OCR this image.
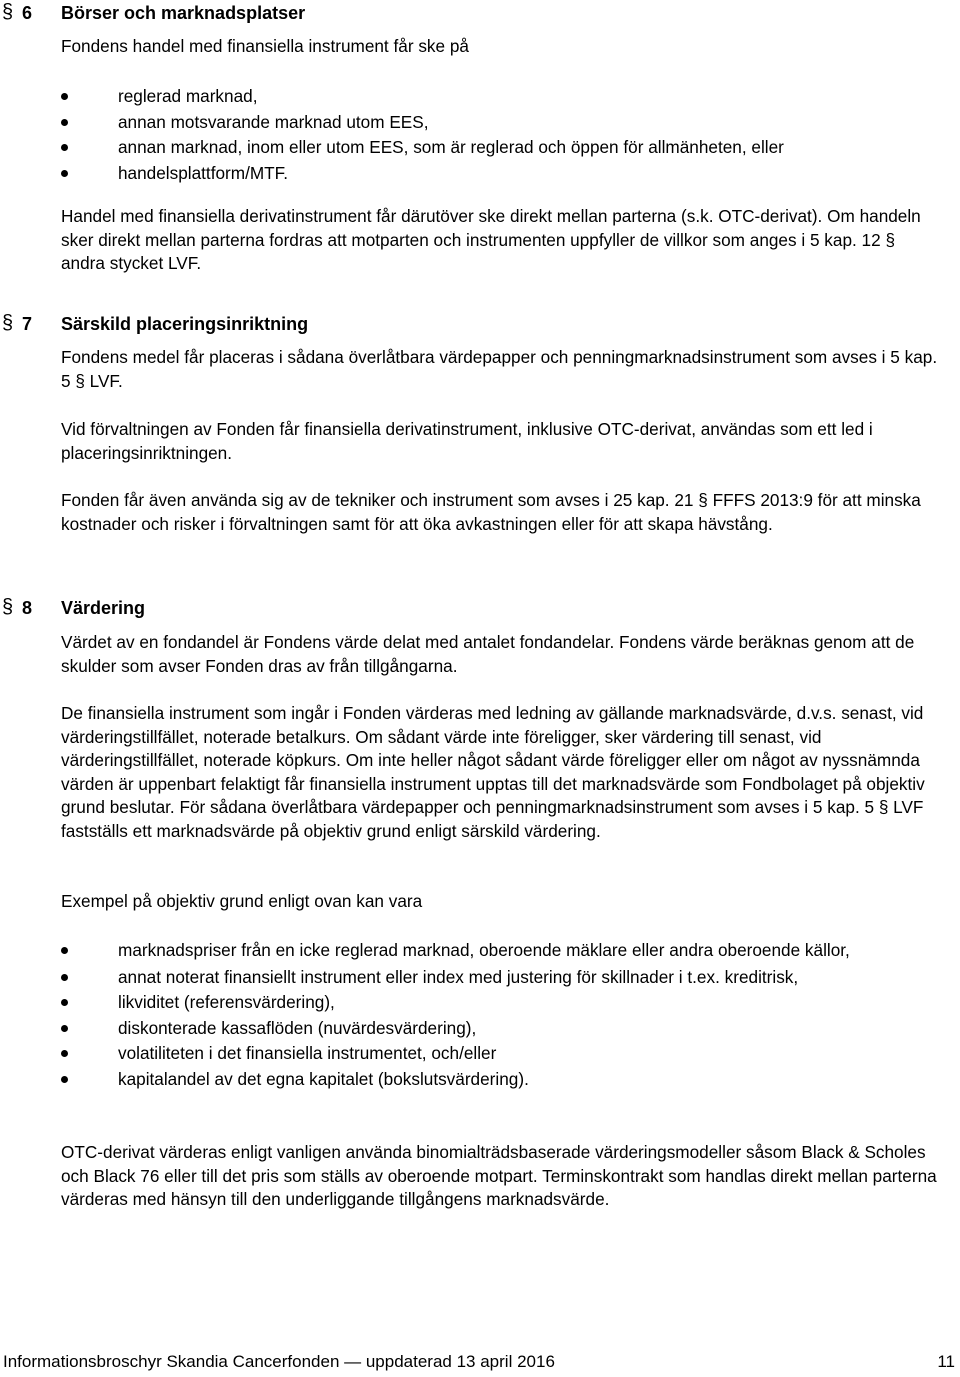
§ 6 Börser och marknadsplatser

Fondens handel med finansiella instrument får ske på

reglerad marknad,
annan motsvarande marknad utom EES,
annan marknad, inom eller utom EES, som är reglerad och öppen för allmänheten, eller
handelsplattform/MTF.

Handel med finansiella derivatinstrument får därutöver ske direkt mellan parterna (s.k. OTC-derivat). Om handeln sker direkt mellan parterna fordras att motparten och instrumenten uppfyller de villkor som anges i 5 kap. 12 § andra stycket LVF.

§ 7 Särskild placeringsinriktning

Fondens medel får placeras i sådana överlåtbara värdepapper och penningmarknadsinstrument som avses i 5 kap. 5 § LVF.

Vid förvaltningen av Fonden får finansiella derivatinstrument, inklusive OTC-derivat, användas som ett led i placeringsinriktningen.

Fonden får även använda sig av de tekniker och instrument som avses i 25 kap. 21 § FFFS 2013:9 för att minska kostnader och risker i förvaltningen samt för att öka avkastningen eller för att skapa hävstång.

§ 8 Värdering

Värdet av en fondandel är Fondens värde delat med antalet fondandelar. Fondens värde beräknas genom att de skulder som avser Fonden dras av från tillgångarna.

De finansiella instrument som ingår i Fonden värderas med ledning av gällande marknadsvärde, d.v.s. senast, vid värderingstillfället, noterade betalkurs. Om sådant värde inte föreligger, sker värdering till senast, vid värderingstillfället, noterade köpkurs. Om inte heller något sådant värde föreligger eller om något av nyssnämnda värden är uppenbart felaktigt får finansiella instrument upptas till det marknadsvärde som Fondbolaget på objektiv grund beslutar. För sådana överlåtbara värdepapper och penningmarknadsinstrument som avses i 5 kap. 5 § LVF fastställs ett marknadsvärde på objektiv grund enligt särskild värdering.

Exempel på objektiv grund enligt ovan kan vara

marknadspriser från en icke reglerad marknad, oberoende mäklare eller andra oberoende källor,
annat noterat finansiellt instrument eller index med justering för skillnader i t.ex. kreditrisk,
likviditet (referensvärdering),
diskonterade kassaflöden (nuvärdesvärdering),
volatiliteten i det finansiella instrumentet, och/eller
kapitalandel av det egna kapitalet (bokslutsvärdering).

OTC-derivat värderas enligt vanligen använda binomialträdsbaserade värderingsmodeller såsom Black & Scholes och Black 76 eller till det pris som ställs av oberoende motpart. Terminskontrakt som handlas direkt mellan parterna värderas med hänsyn till den underliggande tillgångens marknadsvärde.

Informationsbroschyr Skandia Cancerfonden — uppdaterad 13 april 2016	11
